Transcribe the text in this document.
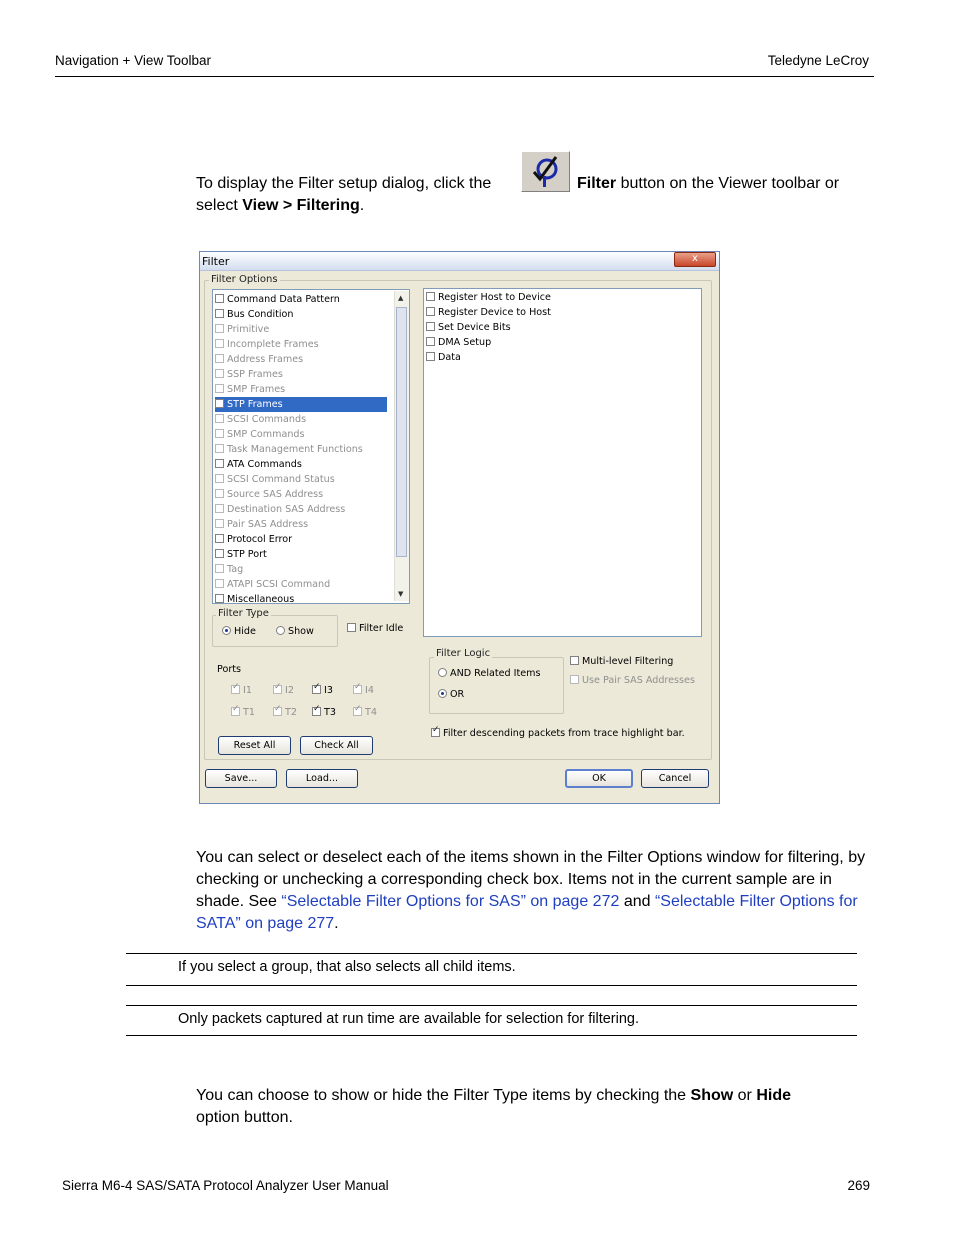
Navigation + View Toolbar	Teledyne LeCroy
To display the Filter setup dialog, click the	Filter button on the Viewer toolbar or
select View > Filtering.
Filter	x
Filter Options
Command Data Pattern
Bus Condition
Primitive
Incomplete Frames
Address Frames
SSP Frames
SMP Frames
STP Frames
SCSI Commands
SMP Commands
Task Management Functions
ATA Commands
SCSI Command Status
Source SAS Address
Destination SAS Address
Pair SAS Address
Protocol Error
STP Port
Tag
ATAPI SCSI Command
Miscellaneous
▲
▼
Register Host to Device
Register Device to Host
Set Device Bits
DMA Setup
Data
Filter Type
Hide	Show	Filter Idle
Ports
Reset All	Check All
Filter Logic
AND Related Items
OR
Multi-level Filtering
Use Pair SAS Addresses
✓Filter descending packets from trace highlight bar.
Save...	Load...	OK	Cancel
✓I1 ✓	I2 ✓	I3 ✓	I4
✓T1 ✓	T2 ✓	T3 ✓	T4
You can select or deselect each of the items shown in the Filter Options window for filtering, by checking or unchecking a corresponding check box. Items not in the current sample are in shade. See “Selectable Filter Options for SAS” on page 272 and “Selectable Filter Options for SATA” on page 277.
If you select a group, that also selects all child items.
Only packets captured at run time are available for selection for filtering.
You can choose to show or hide the Filter Type items by checking the Show or Hide
option button.
Sierra M6-4 SAS/SATA Protocol Analyzer User Manual	269
